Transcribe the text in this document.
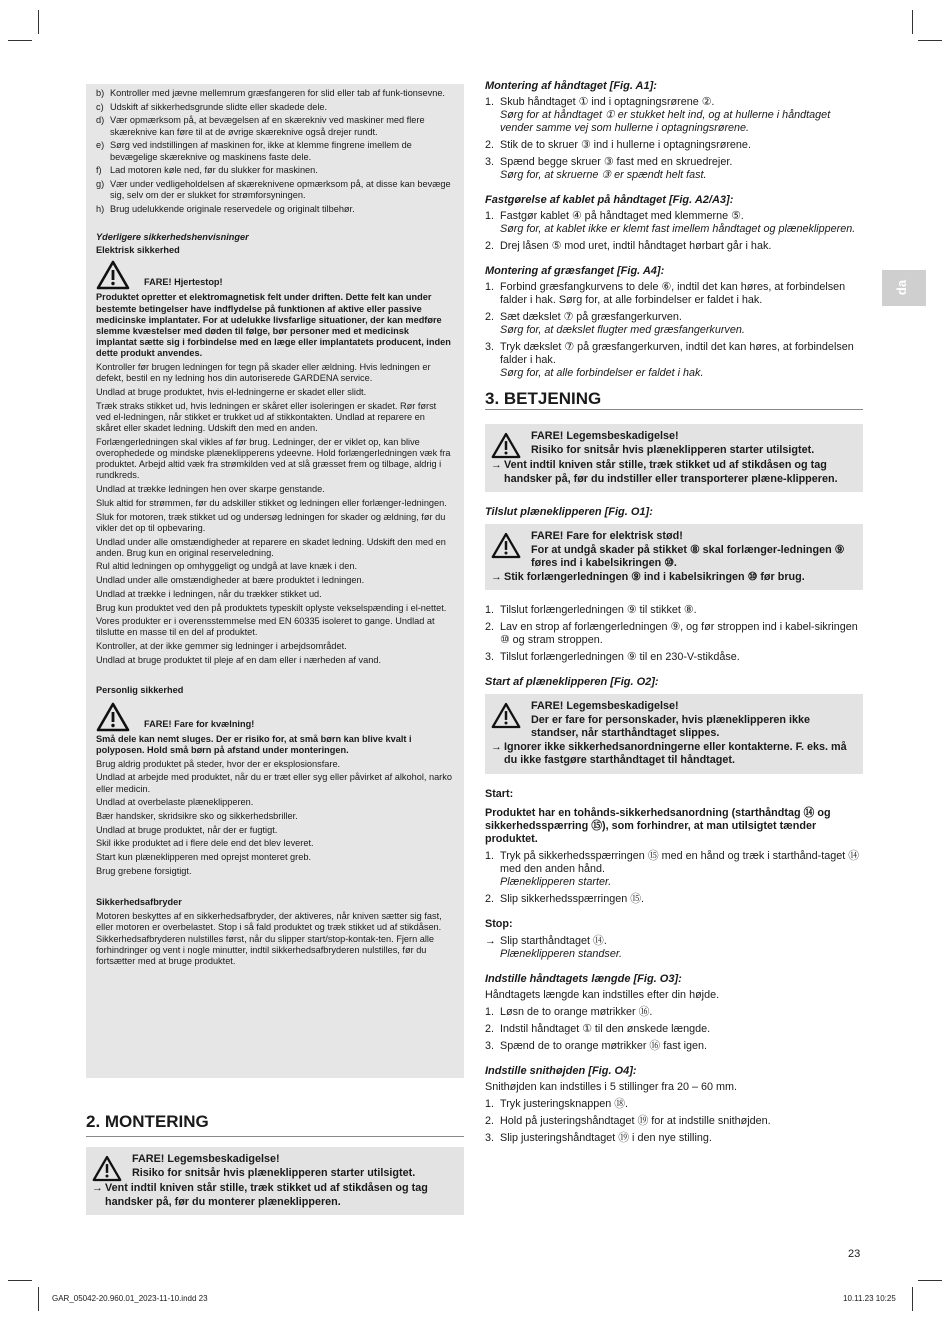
b) Kontroller med jævne mellemrum græsfangeren for slid eller tab af funk-tionsevne.
c) Udskift af sikkerhedsgrunde slidte eller skadede dele.
d) Vær opmærksom på, at bevægelsen af en skærekniv ved maskiner med flere skæreknive kan føre til at de øvrige skæreknive også drejer rundt.
e) Sørg ved indstillingen af maskinen for, ikke at klemme fingrene imellem de bevægelige skæreknive og maskinens faste dele.
f) Lad motoren køle ned, før du slukker for maskinen.
g) Vær under vedligeholdelsen af skæreknivene opmærksom på, at disse kan bevæge sig, selv om der er slukket for strømforsyningen.
h) Brug udelukkende originale reservedele og originalt tilbehør.
Yderligere sikkerhedshenvisninger
Elektrisk sikkerhed
FARE! Hjertestop!
Produktet opretter et elektromagnetisk felt under driften. Dette felt kan under bestemte betingelser have indflydelse på funktionen af aktive eller passive medicinske implantater. For at udelukke livsfarlige situationer, der kan medføre slemme kvæstelser med døden til følge, bør personer med et medicinsk implantat sætte sig i forbindelse med en læge eller implantatets producent, inden dette produkt anvendes.
Kontroller før brugen ledningen for tegn på skader eller ældning. Hvis ledningen er defekt, bestil en ny ledning hos din autoriserede GARDENA service.
Undlad at bruge produktet, hvis el-ledningerne er skadet eller slidt.
Træk straks stikket ud, hvis ledningen er skåret eller isoleringen er skadet. Rør først ved el-ledningen, når stikket er trukket ud af stikkontakten. Undlad at reparere en skåret eller skadet ledning. Udskift den med en anden.
Forlængerledningen skal vikles af før brug. Ledninger, der er viklet op, kan blive overophedede og mindske plæneklipperens ydeevne. Hold forlængerledningen væk fra produktet. Arbejd altid væk fra strømkilden ved at slå græsset frem og tilbage, aldrig i rundkreds.
Undlad at trække ledningen hen over skarpe genstande.
Sluk altid for strømmen, før du adskiller stikket og ledningen eller forlænger-ledningen.
Sluk for motoren, træk stikket ud og undersøg ledningen for skader og ældning, før du vikler det op til opbevaring.
Undlad under alle omstændigheder at reparere en skadet ledning. Udskift den med en anden. Brug kun en original reserveledning.
Rul altid ledningen op omhyggeligt og undgå at lave knæk i den.
Undlad under alle omstændigheder at bære produktet i ledningen.
Undlad at trække i ledningen, når du trækker stikket ud.
Brug kun produktet ved den på produktets typeskilt oplyste vekselspænding i el-nettet.
Vores produkter er i overensstemmelse med EN 60335 isoleret to gange. Undlad at tilslutte en masse til en del af produktet.
Kontroller, at der ikke gemmer sig ledninger i arbejdsområdet.
Undlad at bruge produktet til pleje af en dam eller i nærheden af vand.
Personlig sikkerhed
FARE! Fare for kvælning!
Små dele kan nemt sluges. Der er risiko for, at små børn kan blive kvalt i polyposen. Hold små børn på afstand under monteringen.
Brug aldrig produktet på steder, hvor der er eksplosionsfare.
Undlad at arbejde med produktet, når du er træt eller syg eller påvirket af alkohol, narko eller medicin.
Undlad at overbelaste plæneklipperen.
Bær handsker, skridsikre sko og sikkerhedsbriller.
Undlad at bruge produktet, når der er fugtigt.
Skil ikke produktet ad i flere dele end det blev leveret.
Start kun plæneklipperen med oprejst monteret greb.
Brug grebene forsigtigt.
Sikkerhedsafbryder
Motoren beskyttes af en sikkerhedsafbryder, der aktiveres, når kniven sætter sig fast, eller motoren er overbelastet. Stop i så fald produktet og træk stikket ud af stikdåsen. Sikkerhedsafbryderen nulstilles først, når du slipper start/stop-kontak-ten. Fjern alle forhindringer og vent i nogle minutter, indtil sikkerhedsafbryderen nulstilles, før du fortsætter med at bruge produktet.
2. MONTERING
FARE! Legemsbeskadigelse!
Risiko for snitsår hvis plæneklipperen starter utilsigtet.
→ Vent indtil kniven står stille, træk stikket ud af stikdåsen og tag handsker på, før du monterer plæneklipperen.
Montering af håndtaget [Fig. A1]:
1. Skub håndtaget ① ind i optagningsrørene ②.
Sørg for at håndtaget ① er stukket helt ind, og at hullerne i håndtaget vender samme vej som hullerne i optagningsrørene.
2. Stik de to skruer ③ ind i hullerne i optagningsrørene.
3. Spænd begge skruer ③ fast med en skruedrejer.
Sørg for, at skruerne ③ er spændt helt fast.
Fastgørelse af kablet på håndtaget [Fig. A2/A3]:
1. Fastgør kablet ④ på håndtaget med klemmerne ⑤.
Sørg for, at kablet ikke er klemt fast imellem håndtaget og plæneklipperen.
2. Drej låsen ⑤ mod uret, indtil håndtaget hørbart går i hak.
Montering af græsfanget [Fig. A4]:
1. Forbind græsfangkurvens to dele ⑥, indtil det kan høres, at forbindelsen falder i hak. Sørg for, at alle forbindelser er faldet i hak.
2. Sæt dækslet ⑦ på græsfangerkurven.
Sørg for, at dækslet flugter med græsfangerkurven.
3. Tryk dækslet ⑦ på græsfangerkurven, indtil det kan høres, at forbindelsen falder i hak.
Sørg for, at alle forbindelser er faldet i hak.
3. BETJENING
FARE! Legemsbeskadigelse!
Risiko for snitsår hvis plæneklipperen starter utilsigtet.
→ Vent indtil kniven står stille, træk stikket ud af stikdåsen og tag handsker på, før du indstiller eller transporterer plæne-klipperen.
Tilslut plæneklipperen [Fig. O1]:
FARE! Fare for elektrisk stød!
For at undgå skader på stikket ⑧ skal forlænger-ledningen ⑨ føres ind i kabelsikringen ⑩.
→ Stik forlængerledningen ⑨ ind i kabelsikringen ⑩ før brug.
1. Tilslut forlængerledningen ⑨ til stikket ⑧.
2. Lav en strop af forlængerledningen ⑨, og før stroppen ind i kabel-sikringen ⑩ og stram stroppen.
3. Tilslut forlængerledningen ⑨ til en 230-V-stikdåse.
Start af plæneklipperen [Fig. O2]:
FARE! Legemsbeskadigelse!
Der er fare for personskader, hvis plæneklipperen ikke standser, når starthåndtaget slippes.
→ Ignorer ikke sikkerhedsanordningerne eller kontakterne. F. eks. må du ikke fastgøre starthåndtaget til håndtaget.
Start:
Produktet har en tohånds-sikkerhedsanordning (starthåndtag ⑭ og sikkerhedsspærring ⑮), som forhindrer, at man utilsigtet tænder produktet.
1. Tryk på sikkerhedsspærringen ⑮ med en hånd og træk i starthånd-taget ⑭ med den anden hånd.
Plæneklipperen starter.
2. Slip sikkerhedsspærringen ⑮.
Stop:
→ Slip starthåndtaget ⑭.
Plæneklipperen standser.
Indstille håndtagets længde [Fig. O3]:
Håndtagets længde kan indstilles efter din højde.
1. Løsn de to orange møtrikker ⑯.
2. Indstil håndtaget ① til den ønskede længde.
3. Spænd de to orange møtrikker ⑯ fast igen.
Indstille snithøjden [Fig. O4]:
Snithøjden kan indstilles i 5 stillinger fra 20 – 60 mm.
1. Tryk justeringsknappen ⑱.
2. Hold på justeringshåndtaget ⑲ for at indstille snithøjden.
3. Slip justeringshåndtaget ⑲ i den nye stilling.
da
23
GAR_05042-20.960.01_2023-11-10.indd 23	10.11.23 10:25
